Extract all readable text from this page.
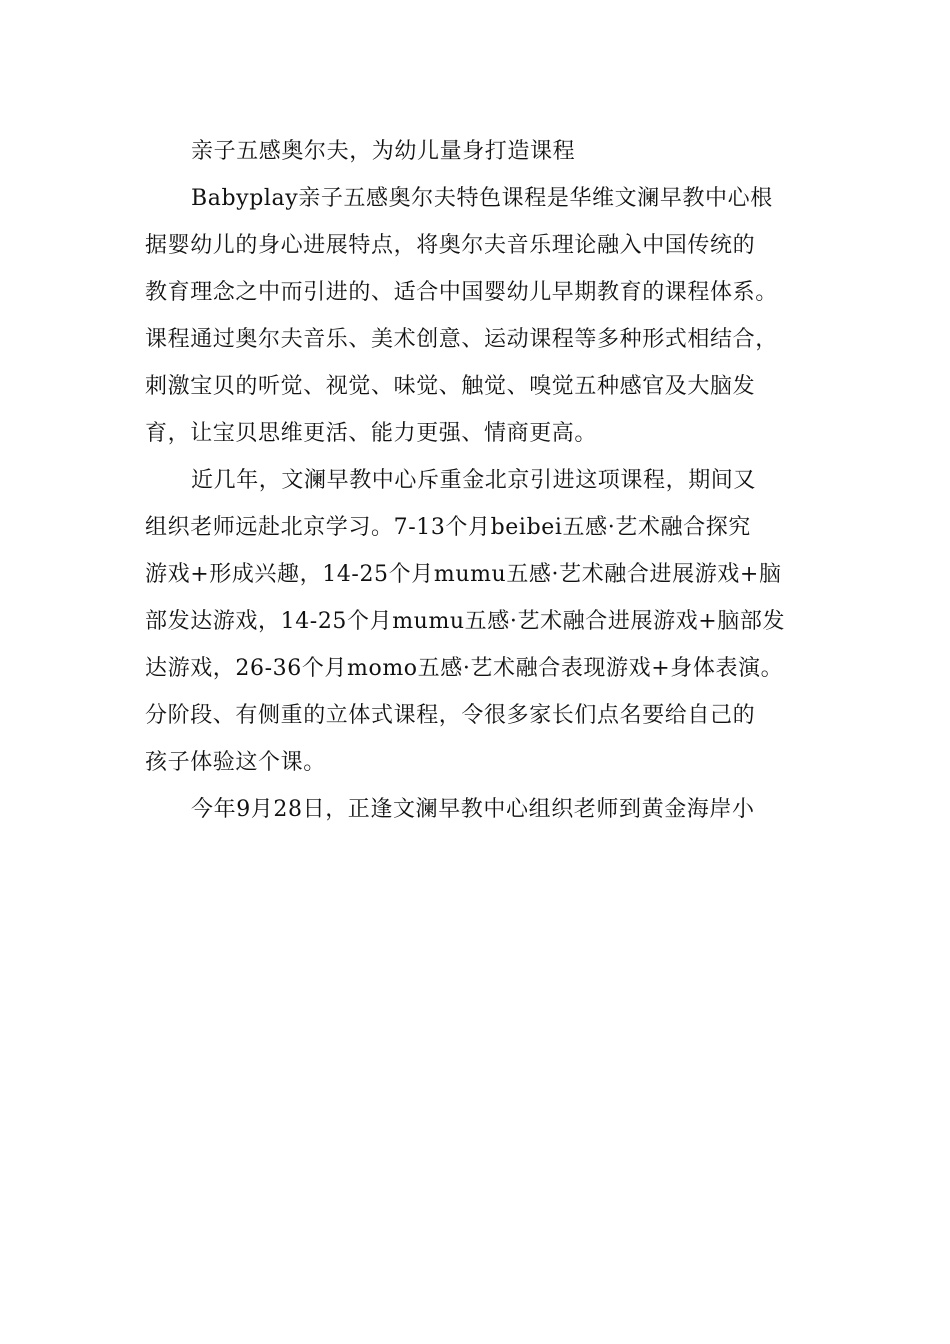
亲子五感奥尔夫，为幼儿量身打造课程
Babyplay亲子五感奥尔夫特色课程是华维文澜早教中心根
据婴幼儿的身心进展特点，将奥尔夫音乐理论融入中国传统的
教育理念之中而引进的、适合中国婴幼儿早期教育的课程体系。
课程通过奥尔夫音乐、美术创意、运动课程等多种形式相结合，
刺激宝贝的听觉、视觉、味觉、触觉、嗅觉五种感官及大脑发
育，让宝贝思维更活、能力更强、情商更高。
近几年，文澜早教中心斥重金北京引进这项课程，期间又
组织老师远赴北京学习。7-13个月beibei五感·艺术融合探究
游戏+形成兴趣，14-25个月mumu五感·艺术融合进展游戏+脑
部发达游戏，14-25个月mumu五感·艺术融合进展游戏+脑部发
达游戏，26-36个月momo五感·艺术融合表现游戏+身体表演。
分阶段、有侧重的立体式课程，令很多家长们点名要给自己的
孩子体验这个课。
今年9月28日，正逢文澜早教中心组织老师到黄金海岸小
